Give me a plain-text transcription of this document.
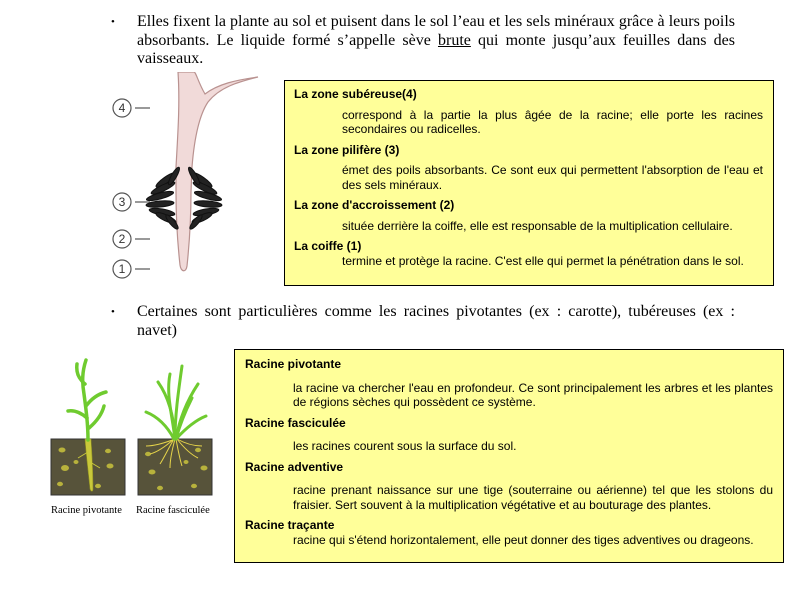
•	Elles fixent la plante au sol et puisent dans le sol l’eau et les sels minéraux grâce à leurs poils absorbants. Le liquide formé s’appelle sève brute qui monte jusqu’aux feuilles dans des vaisseaux.
4
3
2
1
La zone subéreuse(4)
correspond à la partie la plus âgée de la racine; elle porte les racines secondaires ou radicelles.
La zone pilifère (3)
émet des poils absorbants. Ce sont eux qui permettent l'absorption de l'eau et des sels minéraux.
La zone d'accroissement (2)
située derrière la coiffe, elle est responsable de la multiplication cellulaire.
La coiffe (1)
termine et protège la racine. C'est elle qui permet la pénétration dans le sol.
•	Certaines sont particulières comme les racines pivotantes (ex : carotte), tubéreuses (ex : navet)
Racine pivotante Racine fasciculée
Racine pivotante
la racine va chercher l'eau en profondeur. Ce sont principalement les arbres et les plantes de régions sèches qui possèdent ce système.
Racine fasciculée
les racines courent sous la surface du sol.
Racine adventive
racine prenant naissance sur une tige (souterraine ou aérienne) tel que les stolons du fraisier. Sert souvent à la multiplication végétative et au bouturage des plantes.
Racine traçante
racine qui s'étend horizontalement, elle peut donner des tiges adventives ou drageons.
